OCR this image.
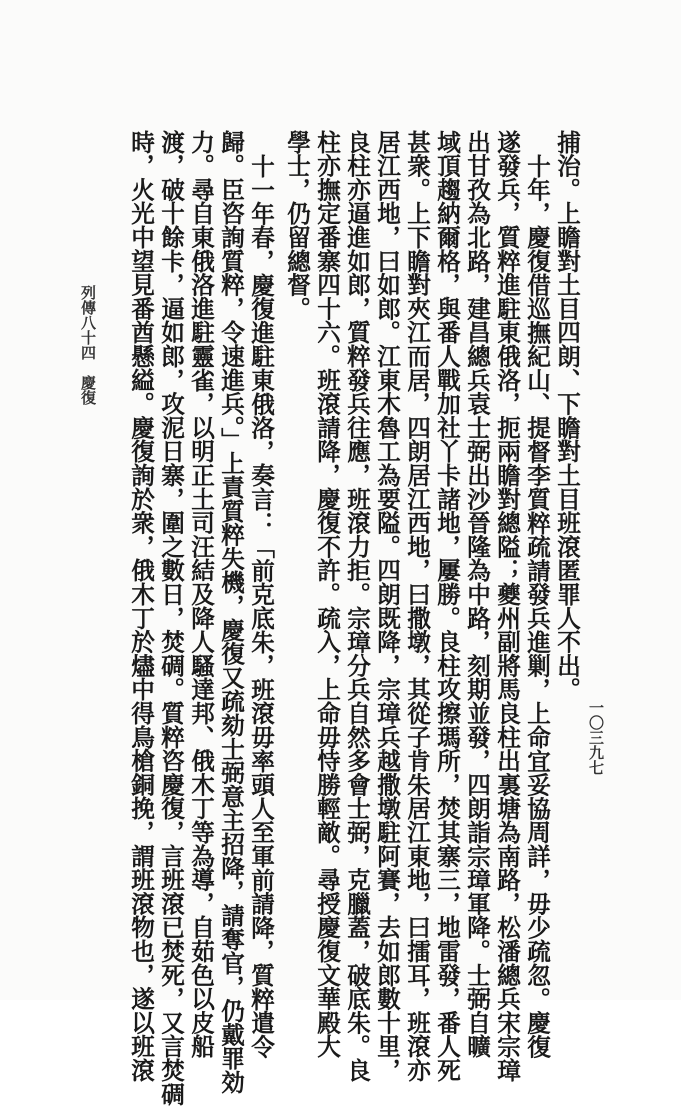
捕治。上瞻對土目四朗、下瞻對土目班滾匿罪人不出。
十年，慶復借巡撫紀山、提督李質粹疏請發兵進剿，上命宜妥協周詳，毋少疏忽。慶復
遂發兵，質粹進駐東俄洛，扼兩瞻對總隘；夔州副將馬良柱出裏塘為南路，松潘總兵宋宗璋
出甘孜為北路，建昌總兵袁士弼出沙晉隆為中路，刻期並發，四朗詣宗璋軍降。士弼自曠
域頂趨納爾格，與番人戰加社丫卡諸地，屢勝。良柱攻擦瑪所，焚其寨三，地雷發，番人死
甚衆。上下瞻對夾江而居，四朗居江西地，曰撒墩，其從子肯朱居江東地，曰擂耳，班滾亦
居江西地，曰如郎。江東木魯工為要隘。四朗既降，宗璋兵越撒墩駐阿賽，去如郎數十里，
良柱亦逼進如郎，質粹發兵往應，班滾力拒。宗璋分兵自然多會士弼，克臘蓋，破底朱。良
柱亦撫定番寨四十六。班滾請降，慶復不許。疏入，上命毋恃勝輕敵。尋授慶復文華殿大
學士，仍留總督。
十一年春，慶復進駐東俄洛，奏言：「前克底朱，班滾毋率頭人至軍前請降，質粹遣令
歸。臣咨詢質粹，令速進兵。」上責質粹失機，慶復又疏劾士弼意主招降，請奪官，仍戴罪効
力。尋自東俄洛進駐靈雀，以明正土司汪結及降人騷達邦、俄木丁等為導，自茹色以皮船
渡，破十餘卡，逼如郎，攻泥日寨，圍之數日，焚碉。質粹咨慶復，言班滾已焚死，又言焚碉
時，火光中望見番酋懸縊。慶復詢於衆，俄木丁於燼中得鳥槍銅挽，謂班滾物也，遂以班滾
列傳八十四　慶復
一〇三九七
